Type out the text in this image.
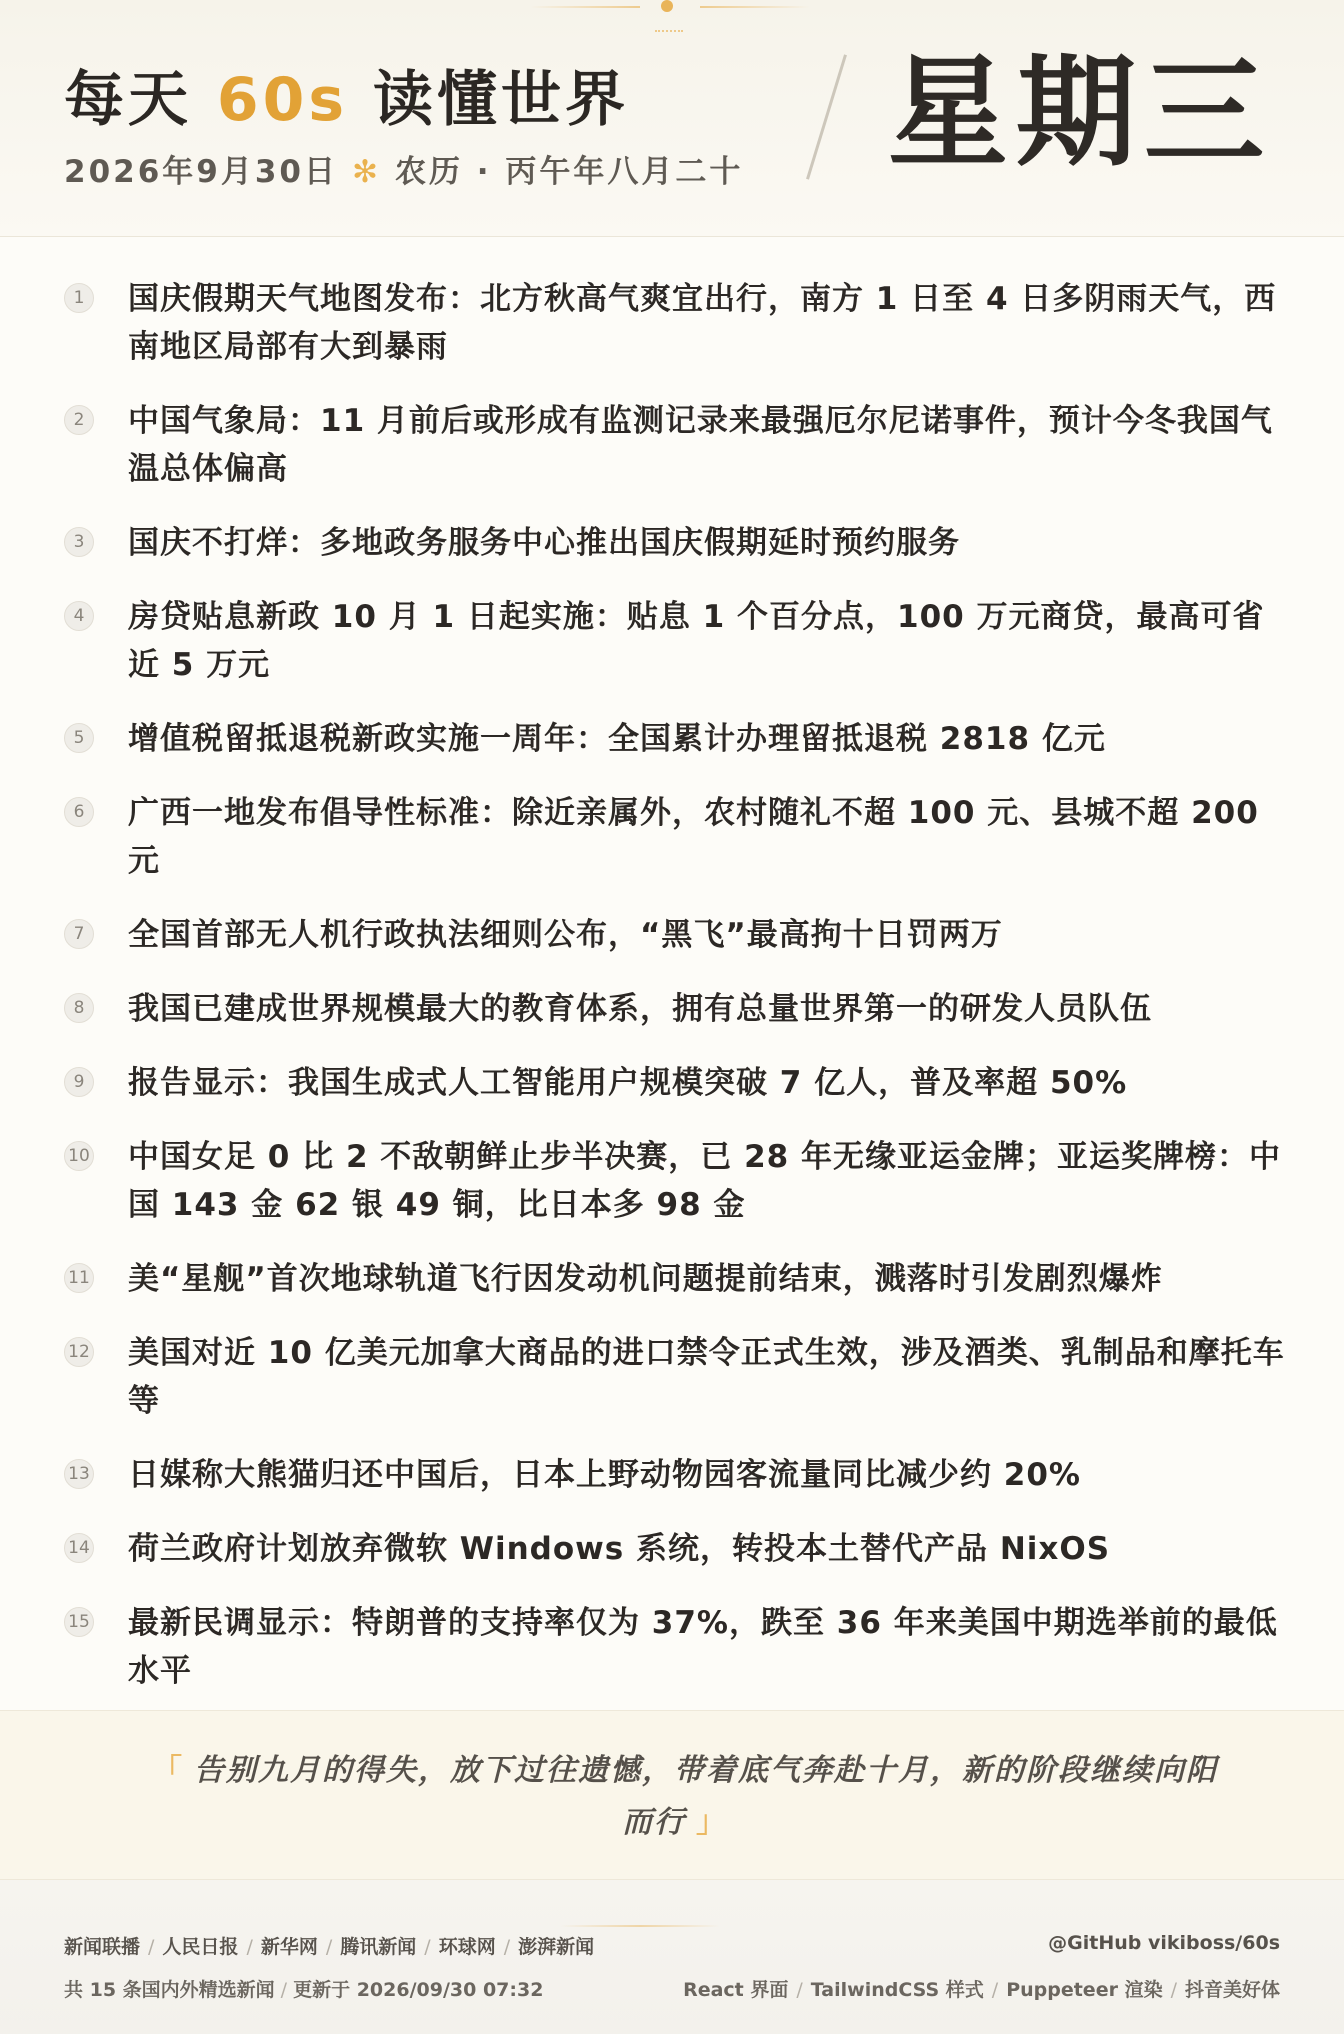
每天 60s 读懂世界
2026年9月30日 ✻ 农历 · 丙午年八月二十 星期三
1	国庆假期天气地图发布：北方秋高气爽宜出行，南方 1 日至 4 日多阴雨天气，西南地区局部有大到暴雨
2	中国气象局：11 月前后或形成有监测记录来最强厄尔尼诺事件，预计今冬我国气温总体偏高
3	国庆不打烊：多地政务服务中心推出国庆假期延时预约服务
4	房贷贴息新政 10 月 1 日起实施：贴息 1 个百分点，100 万元商贷，最高可省近 5 万元
5	增值税留抵退税新政实施一周年：全国累计办理留抵退税 2818 亿元
6	广西一地发布倡导性标准：除近亲属外，农村随礼不超 100 元、县城不超 200 元
7	全国首部无人机行政执法细则公布，“黑飞”最高拘十日罚两万
8	我国已建成世界规模最大的教育体系，拥有总量世界第一的研发人员队伍
9	报告显示：我国生成式人工智能用户规模突破 7 亿人，普及率超 50%
10 中国女足 0 比 2 不敌朝鲜止步半决赛，已 28 年无缘亚运金牌；亚运奖牌榜：中国 143 金 62 银 49 铜，比日本多 98 金
11 美“星舰”首次地球轨道飞行因发动机问题提前结束，溅落时引发剧烈爆炸
12 美国对近 10 亿美元加拿大商品的进口禁令正式生效，涉及酒类、乳制品和摩托车等
13 日媒称大熊猫归还中国后，日本上野动物园客流量同比减少约 20%
14 荷兰政府计划放弃微软 Windows 系统，转投本土替代产品 NixOS
15 最新民调显示：特朗普的支持率仅为 37%，跌至 36 年来美国中期选举前的最低水平
「 告别九月的得失，放下过往遗憾，带着底气奔赴十月，新的阶段继续向阳而行 」
新闻联播 / 人民日报 / 新华网 / 腾讯新闻 / 环球网 / 澎湃新闻
共 15 条国内外精选新闻 / 更新于 2026/09/30 07:32
@GitHub vikiboss/60s
React 界面 / TailwindCSS 样式 / Puppeteer 渲染 / 抖音美好体
